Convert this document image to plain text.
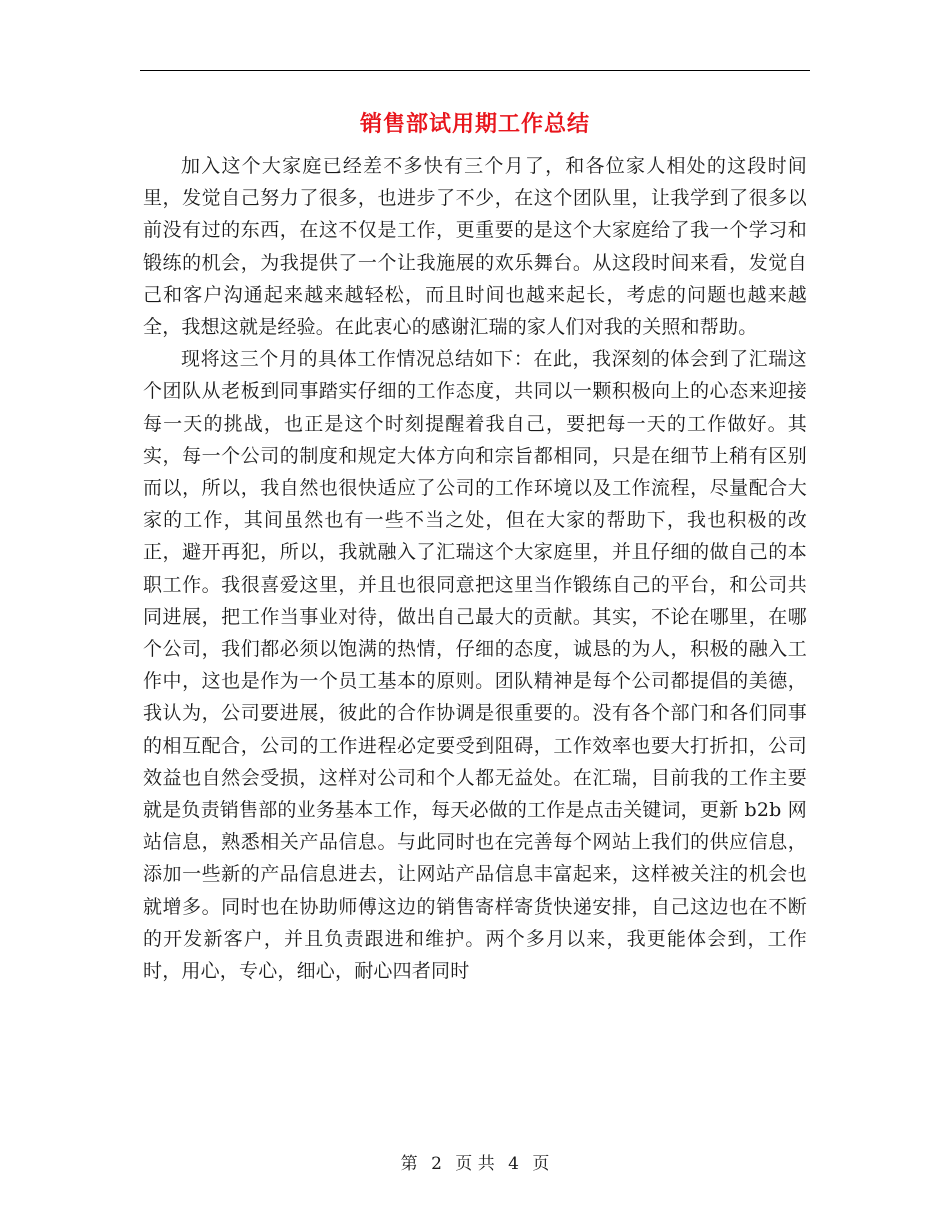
销售部试用期工作总结

加入这个大家庭已经差不多快有三个月了，和各位家人相处的这段时间里，发觉自己努力了很多，也进步了不少，在这个团队里，让我学到了很多以前没有过的东西，在这不仅是工作，更重要的是这个大家庭给了我一个学习和锻练的机会，为我提供了一个让我施展的欢乐舞台。从这段时间来看，发觉自己和客户沟通起来越来越轻松，而且时间也越来起长，考虑的问题也越来越全，我想这就是经验。在此衷心的感谢汇瑞的家人们对我的关照和帮助。

现将这三个月的具体工作情况总结如下：在此，我深刻的体会到了汇瑞这个团队从老板到同事踏实仔细的工作态度，共同以一颗积极向上的心态来迎接每一天的挑战，也正是这个时刻提醒着我自己，要把每一天的工作做好。其实，每一个公司的制度和规定大体方向和宗旨都相同，只是在细节上稍有区别而以，所以，我自然也很快适应了公司的工作环境以及工作流程，尽量配合大家的工作，其间虽然也有一些不当之处，但在大家的帮助下，我也积极的改正，避开再犯，所以，我就融入了汇瑞这个大家庭里，并且仔细的做自己的本职工作。我很喜爱这里，并且也很同意把这里当作锻练自己的平台，和公司共同进展，把工作当事业对待，做出自己最大的贡献。其实，不论在哪里，在哪个公司，我们都必须以饱满的热情，仔细的态度，诚恳的为人，积极的融入工作中，这也是作为一个员工基本的原则。团队精神是每个公司都提倡的美德，我认为，公司要进展，彼此的合作协调是很重要的。没有各个部门和各们同事的相互配合，公司的工作进程必定要受到阻碍，工作效率也要大打折扣，公司效益也自然会受损，这样对公司和个人都无益处。在汇瑞，目前我的工作主要就是负责销售部的业务基本工作，每天必做的工作是点击关键词，更新 b2b 网站信息，熟悉相关产品信息。与此同时也在完善每个网站上我们的供应信息，添加一些新的产品信息进去，让网站产品信息丰富起来，这样被关注的机会也就增多。同时也在协助师傅这边的销售寄样寄货快递安排，自己这边也在不断的开发新客户，并且负责跟进和维护。两个多月以来，我更能体会到，工作时，用心，专心，细心，耐心四者同时

第 2 页 共 4 页
